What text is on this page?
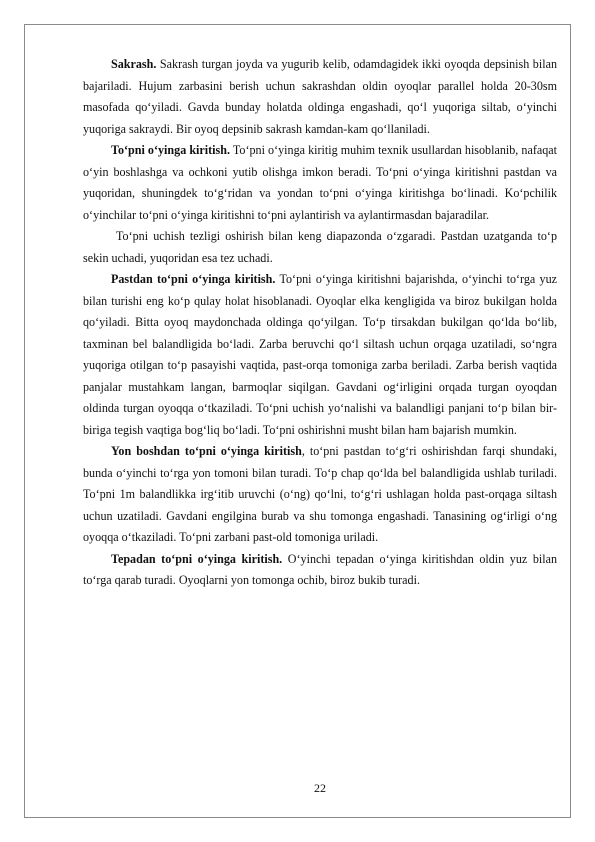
Sakrash. Sakrash turgan joyda va yugurib kelib, odamdagidek ikki oyoqda depsinish bilan bajariladi. Hujum zarbasini berish uchun sakrashdan oldin oyoqlar parallel holda 20-30sm masofada qo‘yiladi. Gavda bunday holatda oldinga engashadi, qo‘l yuqoriga siltab, o‘yinchi yuqoriga sakraydi. Bir oyoq depsinib sakrash kamdan-kam qo‘llaniladi.

To‘pni o‘yinga kiritish. To‘pni o‘yinga kiritig muhim texnik usullardan hisoblanib, nafaqat o‘yin boshlashga va ochkoni yutib olishga imkon beradi. To‘pni o‘yinga kiritishni pastdan va yuqoridan, shuningdek to‘g‘ridan va yondan to‘pni o‘yinga kiritishga bo‘linadi. Ko‘pchilik o‘yinchilar to‘pni o‘yinga kiritishni to‘pni aylantirish va aylantirmasdan bajaradilar.

To‘pni uchish tezligi oshirish bilan keng diapazonda o‘zgaradi. Pastdan uzatganda to‘p sekin uchadi, yuqoridan esa tez uchadi.

Pastdan to‘pni o‘yinga kiritish. To‘pni o‘yinga kiritishni bajarishda, o‘yinchi to‘rga yuz bilan turishi eng ko‘p qulay holat hisoblanadi. Oyoqlar elka kengligida va biroz bukilgan holda qo‘yiladi. Bitta oyoq maydonchada oldinga qo‘yilgan. To‘p tirsakdan bukilgan qo‘lda bo‘lib, taxminan bel balandligida bo‘ladi. Zarba beruvchi qo‘l siltash uchun orqaga uzatiladi, so‘ngra yuqoriga otilgan to‘p pasayishi vaqtida, past-orqa tomoniga zarba beriladi. Zarba berish vaqtida panjalar mustahkam langan, barmoqlar siqilgan. Gavdani og‘irligini orqada turgan oyoqdan oldinda turgan oyoqqa o‘tkaziladi. To‘pni uchish yo‘nalishi va balandligi panjani to‘p bilan bir-biriga tegish vaqtiga bog‘liq bo‘ladi. To‘pni oshirishni musht bilan ham bajarish mumkin.

Yon boshdan to‘pni o‘yinga kiritish, to‘pni pastdan to‘g‘ri oshirishdan farqi shundaki, bunda o‘yinchi to‘rga yon tomoni bilan turadi. To‘p chap qo‘lda bel balandligida ushlab turiladi. To‘pni 1m balandlikka irg‘itib uruvchi (o‘ng) qo‘lni, to‘g‘ri ushlagan holda past-orqaga siltash uchun uzatiladi. Gavdani engilgina burab va shu tomonga engashadi. Tanasining og‘irligi o‘ng oyoqqa o‘tkaziladi. To‘pni zarbani past-old tomoniga uriladi.

Tepadan to‘pni o‘yinga kiritish. O‘yinchi tepadan o‘yinga kiritishdan oldin yuz bilan to‘rga qarab turadi. Oyoqlarni yon tomonga ochib, biroz bukib turadi.

22
